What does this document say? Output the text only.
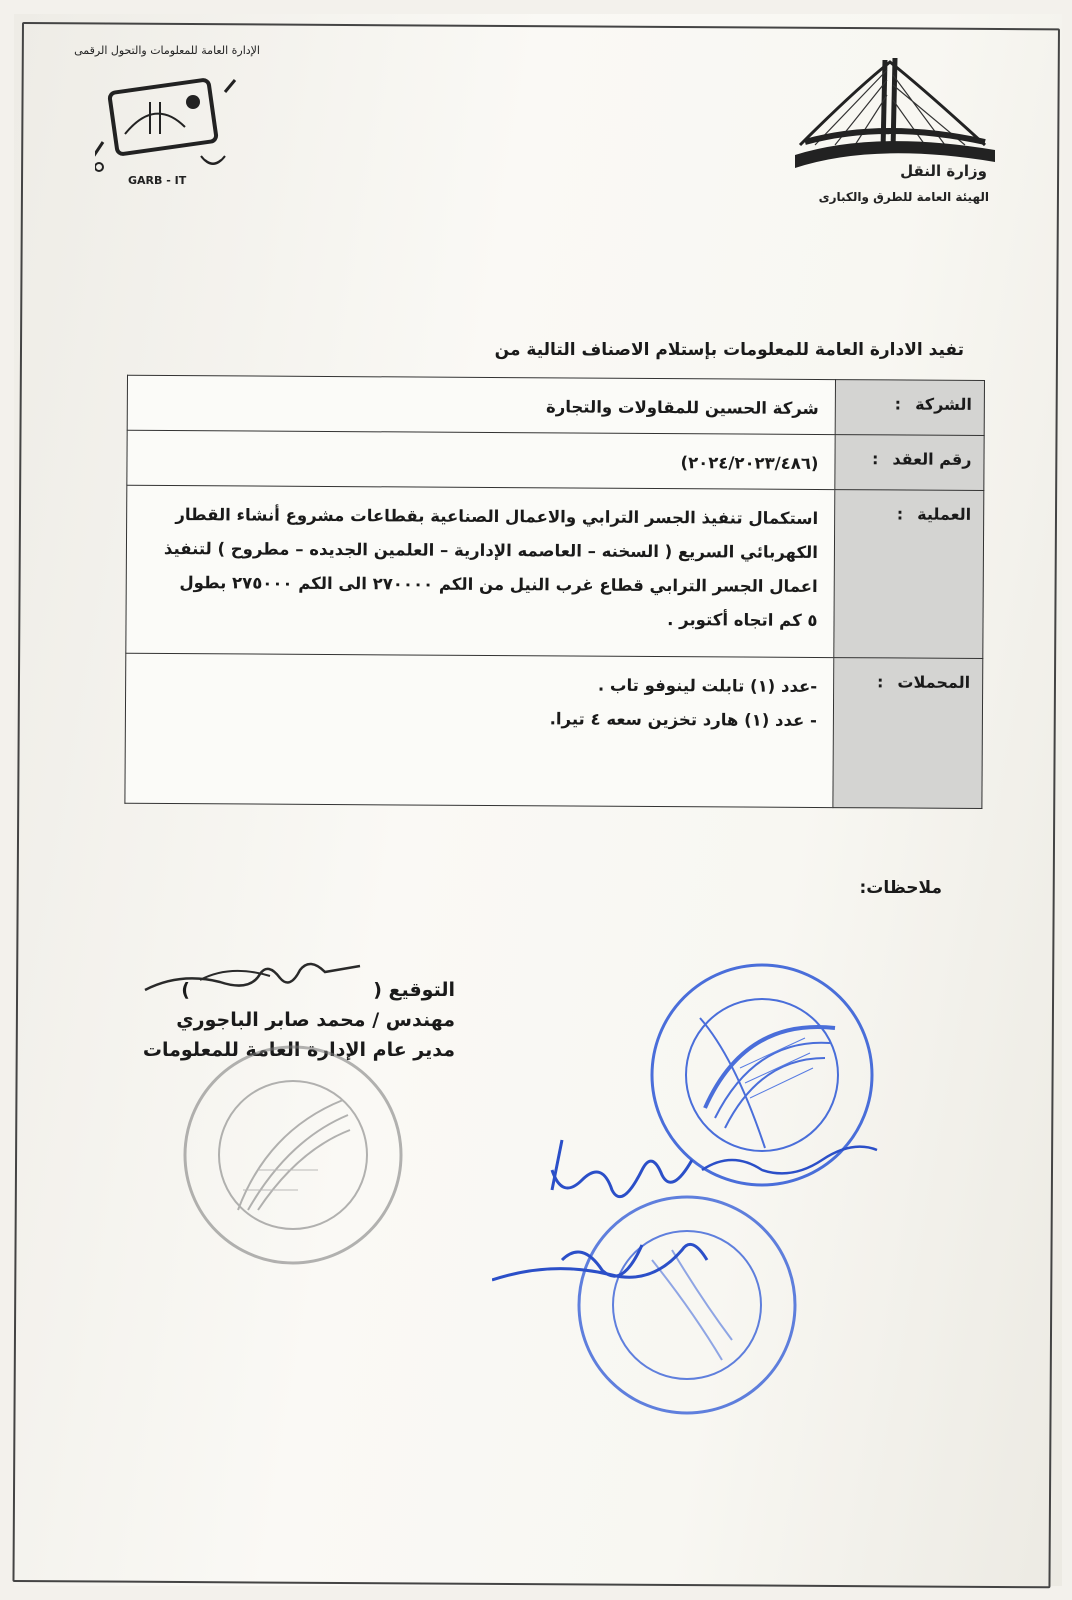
وزارة النقل
الهيئة العامة للطرق والكبارى
الإدارة العامة للمعلومات والتحول الرقمى
GARB - IT
تفيد الادارة العامة للمعلومات بإستلام الاصناف التالية من
الشركة:	شركة الحسين للمقاولات والتجارة

رقم العقد:	(٢٠٢٤/٢٠٢٣/٤٨٦)

العملية:	استكمال تنفيذ الجسر الترابي والاعمال الصناعية بقطاعات مشروع أنشاء القطار
الكهربائي السريع ( السخنه – العاصمه الإدارية – العلمين الجديده – مطروح ) لتنفيذ
اعمال الجسر الترابي قطاع غرب النيل من الكم ٢٧٠٠٠٠ الى الكم ٢٧٥٠٠٠ بطول
٥ كم اتجاه أكتوبر .

المحملات:	-عدد (١) تابلت لينوفو تاب .
- عدد (١) هارد تخزين سعه ٤ تيرا.
ملاحظات:
التوقيع (  )
مهندس / محمد صابر الباجوري
مدير عام الإدارة العامة للمعلومات
